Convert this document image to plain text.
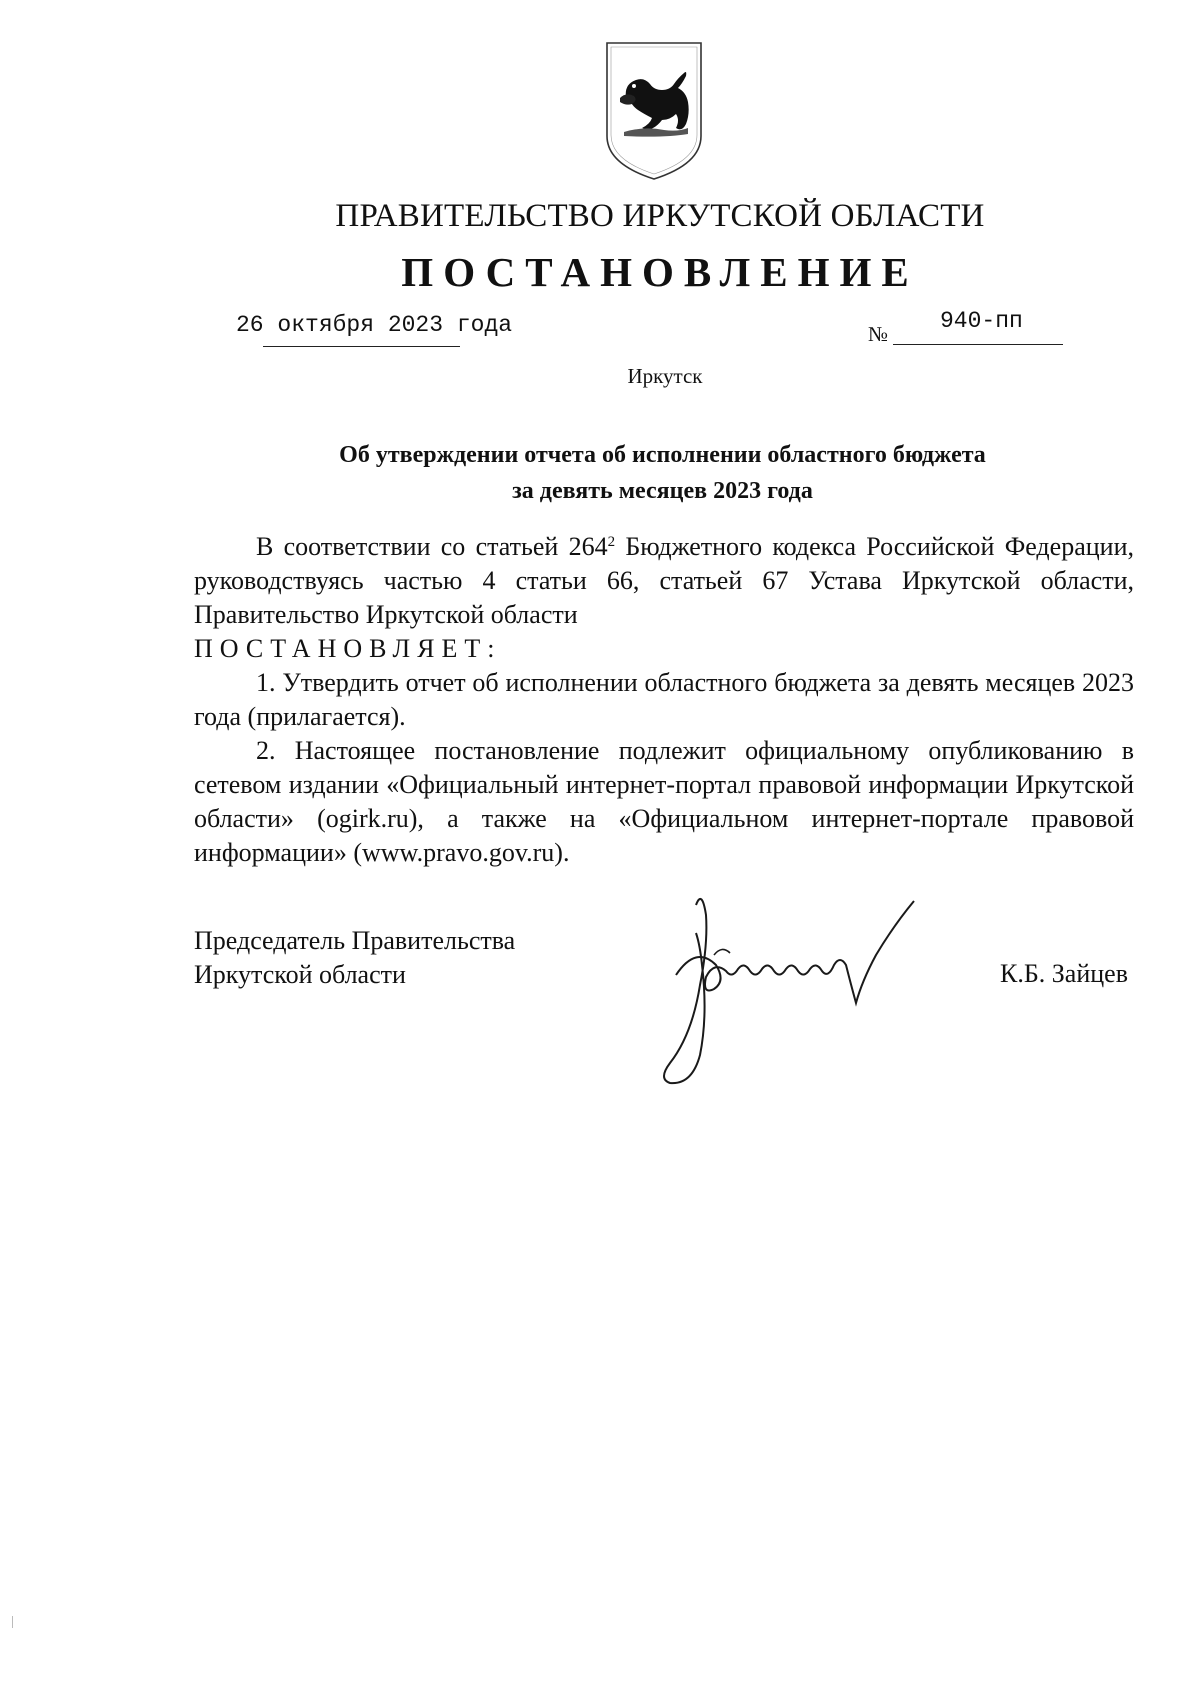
ПРАВИТЕЛЬСТВО ИРКУТСКОЙ ОБЛАСТИ
ПОСТАНОВЛЕНИЕ
26 октября 2023 года	№ 940-пп
Иркутск
Об утверждении отчета об исполнении областного бюджета
за девять месяцев 2023 года

В соответствии со статьей $264^2$ Бюджетного кодекса Российской Федерации, руководствуясь частью 4 статьи 66, статьей 67 Устава Иркутской области, Правительство Иркутской области

ПОСТАНОВЛЯЕТ:

1. Утвердить отчет об исполнении областного бюджета за девять месяцев 2023 года (прилагается).

2. Настоящее постановление подлежит официальному опубликованию в сетевом издании «Официальный интернет-портал правовой информации Иркутской области» (ogirk.ru), а также на «Официальном интернет-портале правовой информации» (www.pravo.gov.ru).

Председатель Правительства
Иркутской области	К.Б. Зайцев
